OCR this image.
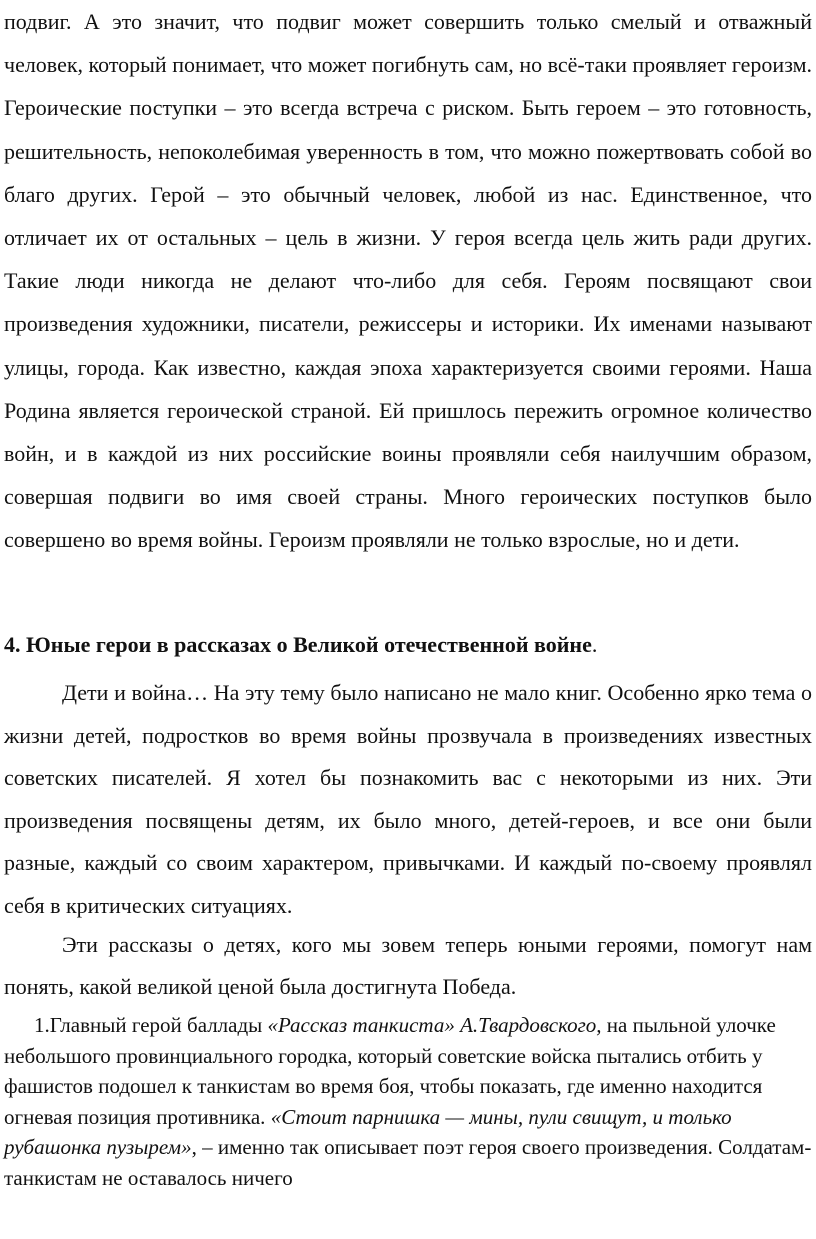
подвиг. А это значит, что подвиг может совершить только смелый и отважный человек, который понимает, что может погибнуть сам, но всё-таки проявляет героизм. Героические поступки – это всегда встреча с риском. Быть героем – это готовность, решительность, непоколебимая уверенность в том, что можно пожертвовать собой во благо других. Герой – это обычный человек, любой из нас. Единственное, что отличает их от остальных – цель в жизни. У героя всегда цель жить ради других. Такие люди никогда не делают что-либо для себя. Героям посвящают свои произведения художники, писатели, режиссеры и историки. Их именами называют улицы, города. Как известно, каждая эпоха характеризуется своими героями. Наша Родина является героической страной. Ей пришлось пережить огромное количество войн, и в каждой из них российские воины проявляли себя наилучшим образом, совершая подвиги во имя своей страны. Много героических поступков было совершено во время войны. Героизм проявляли не только взрослые, но и дети.

4. Юные герои в рассказах о Великой отечественной войне.

Дети и война… На эту тему было написано не мало книг. Особенно ярко тема о жизни детей, подростков во время войны прозвучала в произведениях известных советских писателей. Я хотел бы познакомить вас с некоторыми из них. Эти произведения посвящены детям, их было много, детей-героев, и все они были разные, каждый со своим характером, привычками. И каждый по-своему проявлял себя в критических ситуациях.

Эти рассказы о детях, кого мы зовем теперь юными героями, помогут нам понять, какой великой ценой была достигнута Победа.

1.Главный герой баллады «Рассказ танкиста» А.Твардовского, на пыльной улочке небольшого провинциального городка, который советские войска пытались отбить у фашистов подошел к танкистам во время боя, чтобы показать, где именно находится огневая позиция противника. «Стоит парнишка — мины, пули свищут, и только рубашонка пузырем», – именно так описывает поэт героя своего произведения. Солдатам-танкистам не оставалось ничего
